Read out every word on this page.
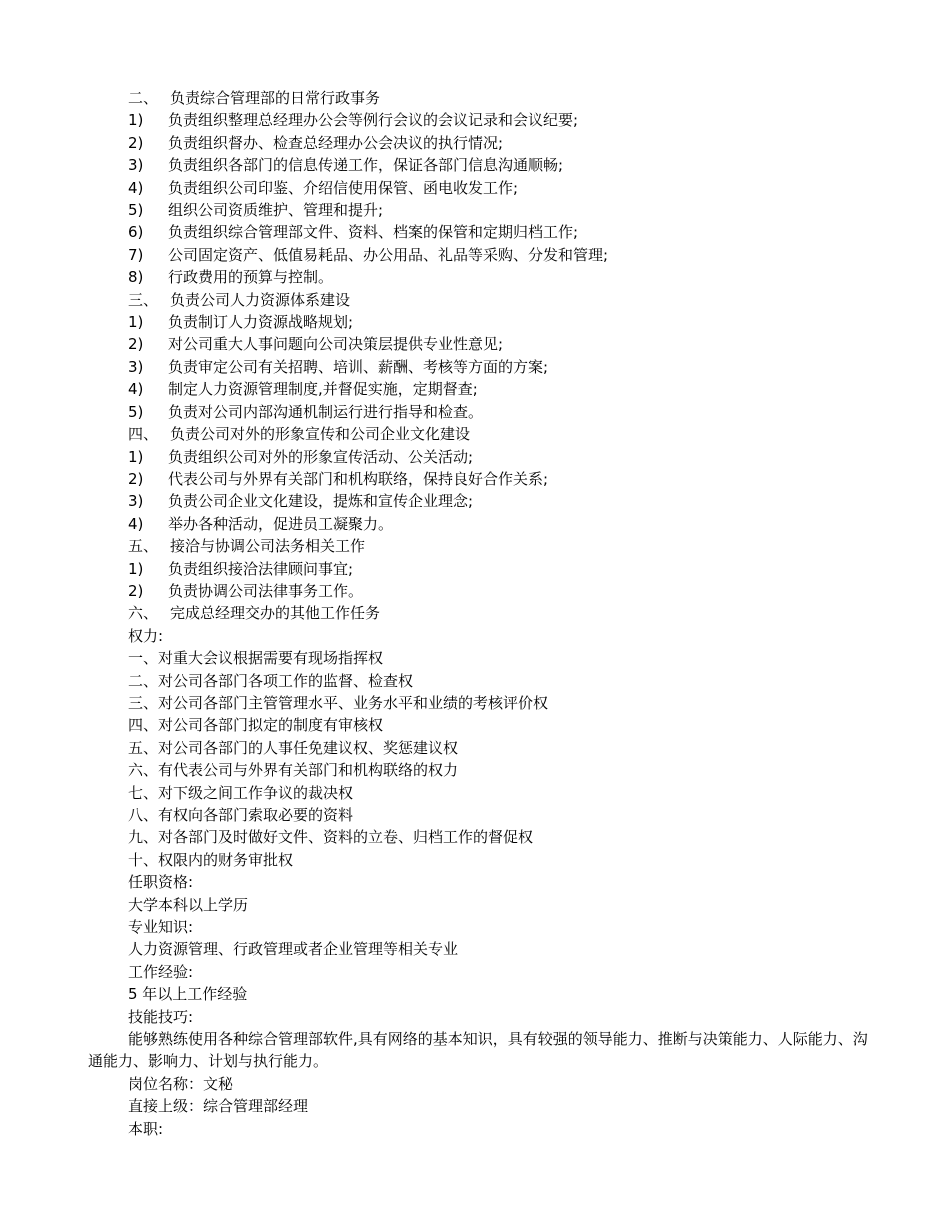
二、 负责综合管理部的日常行政事务
1) 负责组织整理总经理办公会等例行会议的会议记录和会议纪要;
2) 负责组织督办、检查总经理办公会决议的执行情况;
3) 负责组织各部门的信息传递工作，保证各部门信息沟通顺畅;
4) 负责组织公司印鉴、介绍信使用保管、函电收发工作;
5) 组织公司资质维护、管理和提升;
6) 负责组织综合管理部文件、资料、档案的保管和定期归档工作;
7) 公司固定资产、低值易耗品、办公用品、礼品等采购、分发和管理;
8) 行政费用的预算与控制。
三、 负责公司人力资源体系建设
1) 负责制订人力资源战略规划;
2) 对公司重大人事问题向公司决策层提供专业性意见;
3) 负责审定公司有关招聘、培训、薪酬、考核等方面的方案;
4) 制定人力资源管理制度,并督促实施，定期督查;
5) 负责对公司内部沟通机制运行进行指导和检查。
四、 负责公司对外的形象宣传和公司企业文化建设
1) 负责组织公司对外的形象宣传活动、公关活动;
2) 代表公司与外界有关部门和机构联络，保持良好合作关系;
3) 负责公司企业文化建设，提炼和宣传企业理念;
4) 举办各种活动，促进员工凝聚力。
五、 接洽与协调公司法务相关工作
1) 负责组织接洽法律顾问事宜;
2) 负责协调公司法律事务工作。
六、 完成总经理交办的其他工作任务
权力:
一、对重大会议根据需要有现场指挥权
二、对公司各部门各项工作的监督、检查权
三、对公司各部门主管管理水平、业务水平和业绩的考核评价权
四、对公司各部门拟定的制度有审核权
五、对公司各部门的人事任免建议权、奖惩建议权
六、有代表公司与外界有关部门和机构联络的权力
七、对下级之间工作争议的裁决权
八、有权向各部门索取必要的资料
九、对各部门及时做好文件、资料的立卷、归档工作的督促权
十、权限内的财务审批权
任职资格:
大学本科以上学历
专业知识:
人力资源管理、行政管理或者企业管理等相关专业
工作经验:
5 年以上工作经验
技能技巧:

能够熟练使用各种综合管理部软件,具有网络的基本知识，具有较强的领导能力、推断与决策能力、人际能力、沟通能力、影响力、计划与执行能力。

岗位名称：文秘
直接上级：综合管理部经理
本职:
